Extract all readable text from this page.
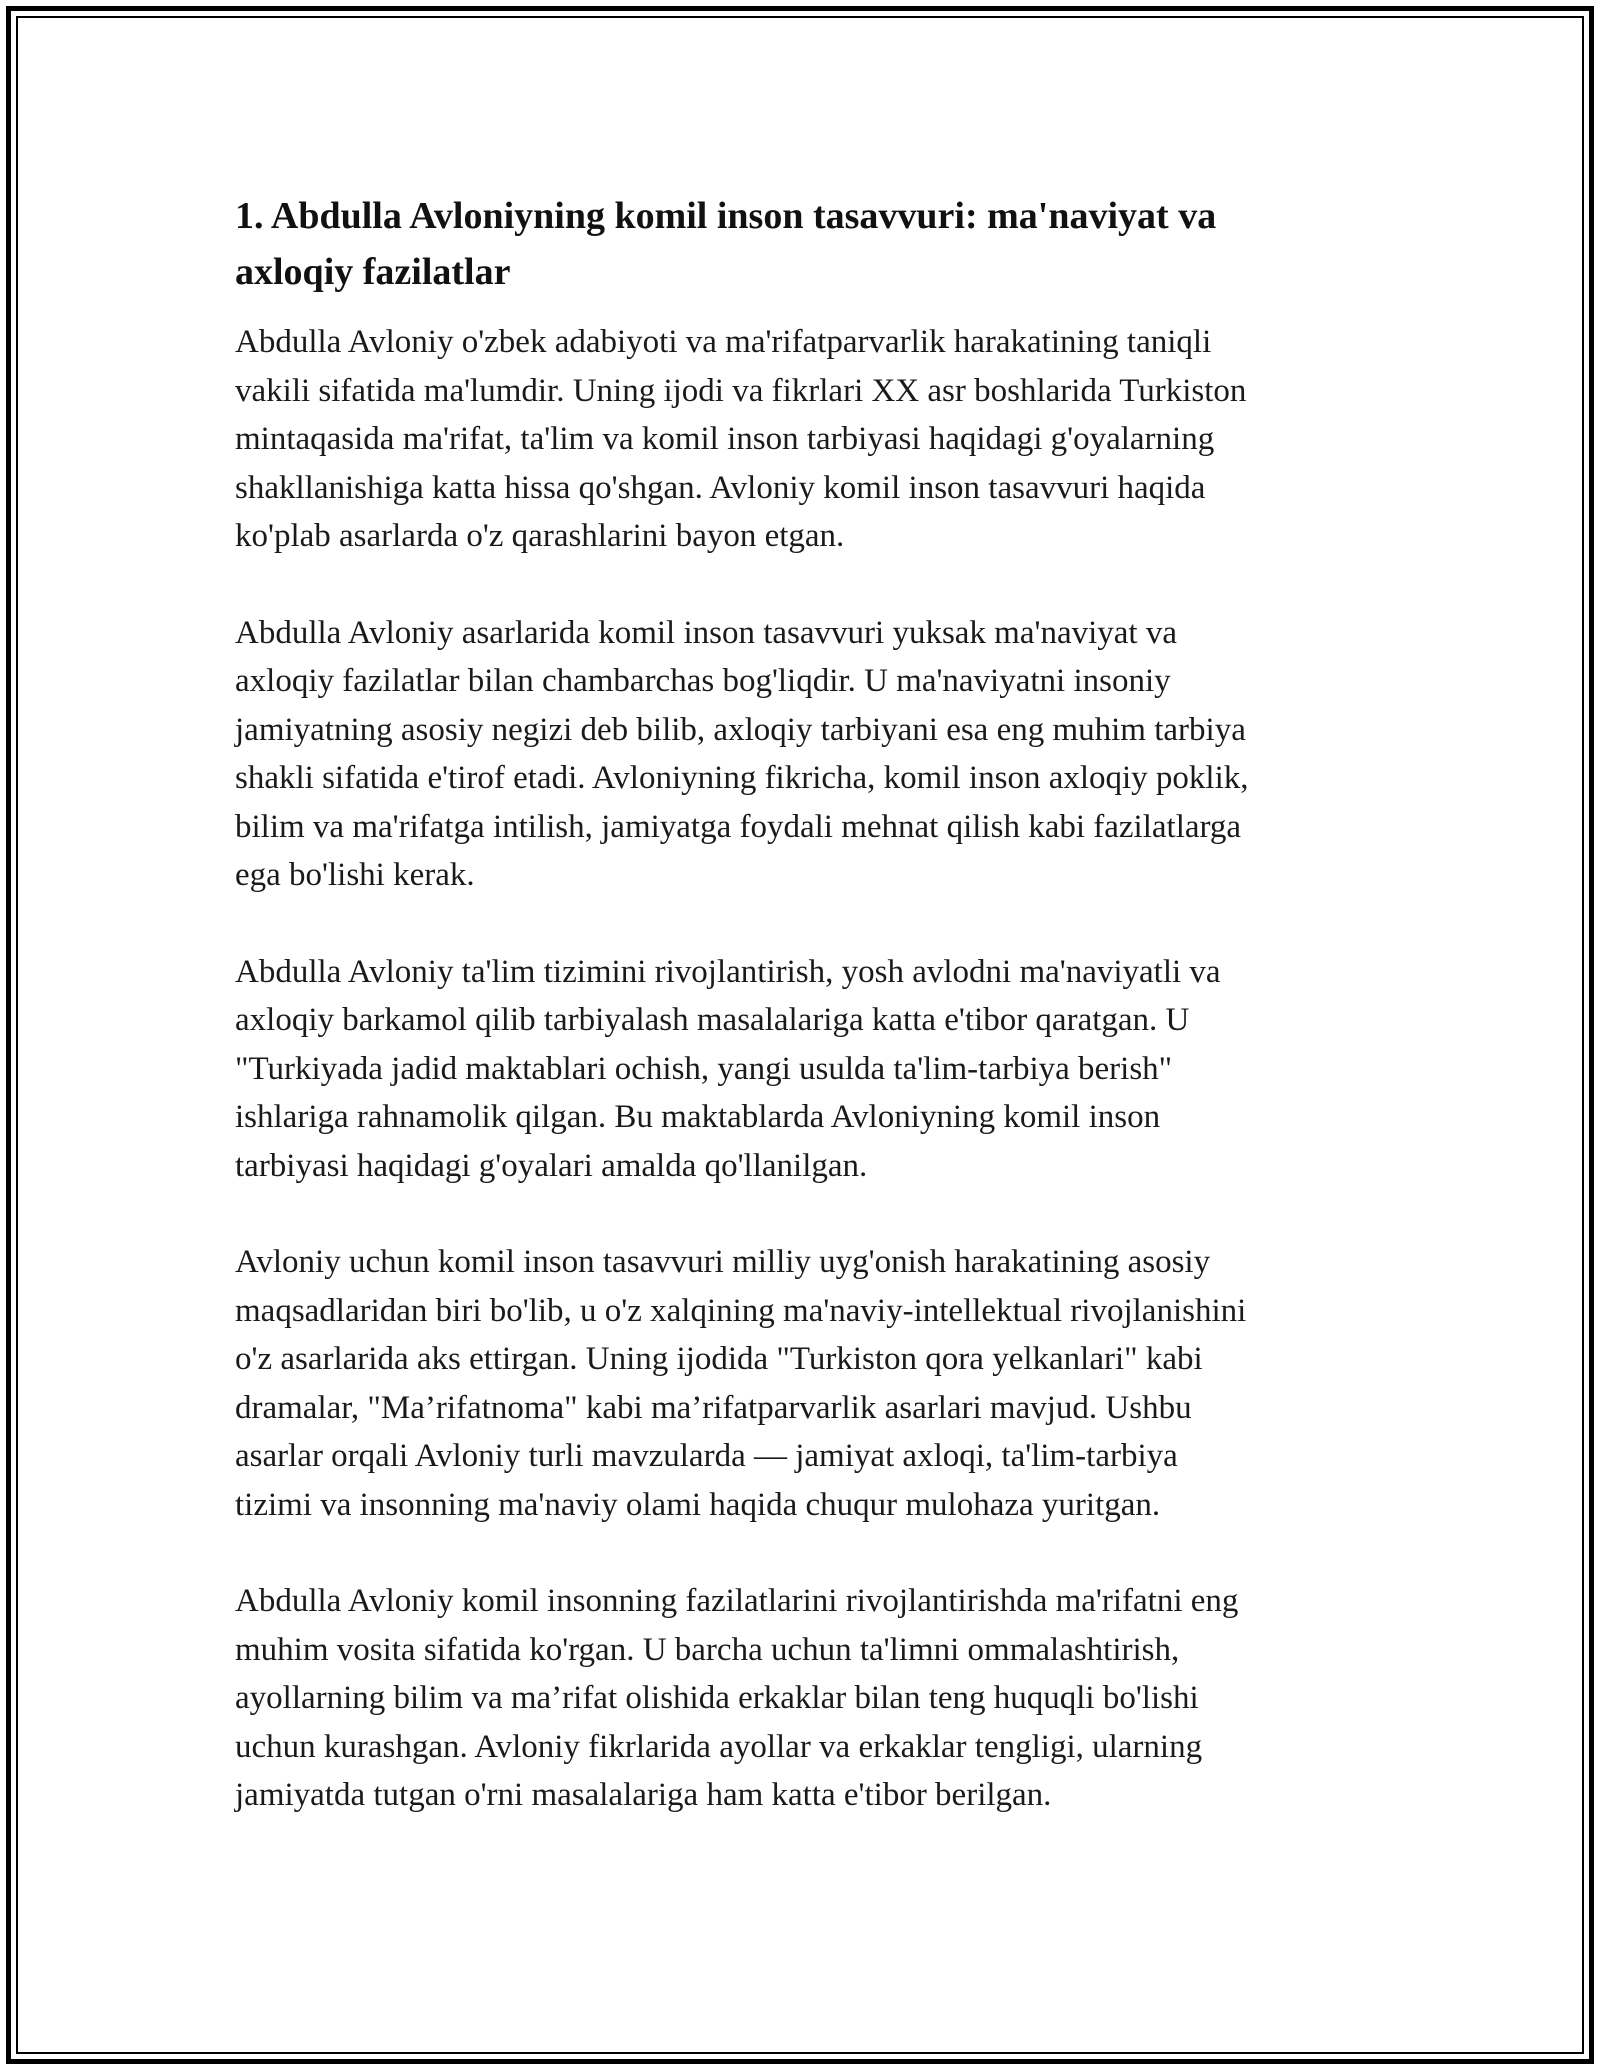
1. Abdulla Avloniyning komil inson tasavvuri: ma'naviyat va
axloqiy fazilatlar

Abdulla Avloniy o'zbek adabiyoti va ma'rifatparvarlik harakatining taniqli
vakili sifatida ma'lumdir. Uning ijodi va fikrlari XX asr boshlarida Turkiston
mintaqasida ma'rifat, ta'lim va komil inson tarbiyasi haqidagi g'oyalarning
shakllanishiga katta hissa qo'shgan. Avloniy komil inson tasavvuri haqida
ko'plab asarlarda o'z qarashlarini bayon etgan.

Abdulla Avloniy asarlarida komil inson tasavvuri yuksak ma'naviyat va
axloqiy fazilatlar bilan chambarchas bog'liqdir. U ma'naviyatni insoniy
jamiyatning asosiy negizi deb bilib, axloqiy tarbiyani esa eng muhim tarbiya
shakli sifatida e'tirof etadi. Avloniyning fikricha, komil inson axloqiy poklik,
bilim va ma'rifatga intilish, jamiyatga foydali mehnat qilish kabi fazilatlarga
ega bo'lishi kerak.

Abdulla Avloniy ta'lim tizimini rivojlantirish, yosh avlodni ma'naviyatli va
axloqiy barkamol qilib tarbiyalash masalalariga katta e'tibor qaratgan. U
"Turkiyada jadid maktablari ochish, yangi usulda ta'lim-tarbiya berish"
ishlariga rahnamolik qilgan. Bu maktablarda Avloniyning komil inson
tarbiyasi haqidagi g'oyalari amalda qo'llanilgan.

Avloniy uchun komil inson tasavvuri milliy uyg'onish harakatining asosiy
maqsadlaridan biri bo'lib, u o'z xalqining ma'naviy-intellektual rivojlanishini
o'z asarlarida aks ettirgan. Uning ijodida "Turkiston qora yelkanlari" kabi
dramalar, "Ma’rifatnoma" kabi ma’rifatparvarlik asarlari mavjud. Ushbu
asarlar orqali Avloniy turli mavzularda — jamiyat axloqi, ta'lim-tarbiya
tizimi va insonning ma'naviy olami haqida chuqur mulohaza yuritgan.

Abdulla Avloniy komil insonning fazilatlarini rivojlantirishda ma'rifatni eng
muhim vosita sifatida ko'rgan. U barcha uchun ta'limni ommalashtirish,
ayollarning bilim va ma’rifat olishida erkaklar bilan teng huquqli bo'lishi
uchun kurashgan. Avloniy fikrlarida ayollar va erkaklar tengligi, ularning
jamiyatda tutgan o'rni masalalariga ham katta e'tibor berilgan.
